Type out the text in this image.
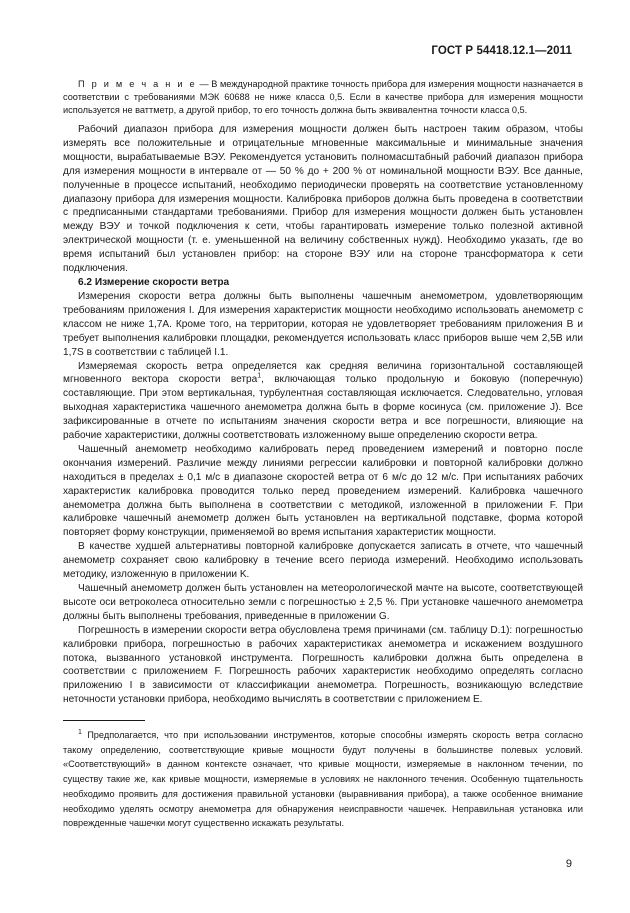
ГОСТ Р 54418.12.1—2011

П р и м е ч а н и е — В международной практике точность прибора для измерения мощности назначается в соответствии с требованиями МЭК 60688 не ниже класса 0,5. Если в качестве прибора для измерения мощности используется не ваттметр, а другой прибор, то его точность должна быть эквивалентна точности класса 0,5.

Рабочий диапазон прибора для измерения мощности должен быть настроен таким образом, чтобы измерять все положительные и отрицательные мгновенные максимальные и минимальные значения мощности, вырабатываемые ВЭУ. Рекомендуется установить полномасштабный рабочий диапазон прибора для измерения мощности в интервале от — 50 % до + 200 % от номинальной мощности ВЭУ. Все данные, полученные в процессе испытаний, необходимо периодически проверять на соответствие установленному диапазону прибора для измерения мощности. Калибровка приборов должна быть проведена в соответствии с предписанными стандартами требованиями. Прибор для измерения мощности должен быть установлен между ВЭУ и точкой подключения к сети, чтобы гарантировать измерение только полезной активной электрической мощности (т. е. уменьшенной на величину собственных нужд). Необходимо указать, где во время испытаний был установлен прибор: на стороне ВЭУ или на стороне трансформатора к сети подключения.

6.2 Измерение скорости ветра

Измерения скорости ветра должны быть выполнены чашечным анемометром, удовлетворяющим требованиям приложения I. Для измерения характеристик мощности необходимо использовать анемометр с классом не ниже 1,7А. Кроме того, на территории, которая не удовлетворяет требованиям приложения В и требует выполнения калибровки площадки, рекомендуется использовать класс приборов выше чем 2,5В или 1,7S в соответствии с таблицей I.1.

Измеряемая скорость ветра определяется как средняя величина горизонтальной составляющей мгновенного вектора скорости ветра$^1$, включающая только продольную и боковую (поперечную) составляющие. При этом вертикальная, турбулентная составляющая исключается. Следовательно, угловая выходная характеристика чашечного анемометра должна быть в форме косинуса (см. приложение J). Все зафиксированные в отчете по испытаниям значения скорости ветра и все погрешности, влияющие на рабочие характеристики, должны соответствовать изложенному выше определению скорости ветра.

Чашечный анемометр необходимо калибровать перед проведением измерений и повторно после окончания измерений. Различие между линиями регрессии калибровки и повторной калибровки должно находиться в пределах ± 0,1 м/с в диапазоне скоростей ветра от 6 м/с до 12 м/с. При испытаниях рабочих характеристик калибровка проводится только перед проведением измерений. Калибровка чашечного анемометра должна быть выполнена в соответствии с методикой, изложенной в приложении F. При калибровке чашечный анемометр должен быть установлен на вертикальной подставке, форма которой повторяет форму конструкции, применяемой во время испытания характеристик мощности.

В качестве худшей альтернативы повторной калибровке допускается записать в отчете, что чашечный анемометр сохраняет свою калибровку в течение всего периода измерений. Необходимо использовать методику, изложенную в приложении K.

Чашечный анемометр должен быть установлен на метеорологической мачте на высоте, соответствующей высоте оси ветроколеса относительно земли с погрешностью ± 2,5 %. При установке чашечного анемометра должны быть выполнены требования, приведенные в приложении G.

Погрешность в измерении скорости ветра обусловлена тремя причинами (см. таблицу D.1): погрешностью калибровки прибора, погрешностью в рабочих характеристиках анемометра и искажением воздушного потока, вызванного установкой инструмента. Погрешность калибровки должна быть определена в соответствии с приложением F. Погрешность рабочих характеристик необходимо определять согласно приложению I в зависимости от классификации анемометра. Погрешность, возникающую вследствие неточности установки прибора, необходимо вычислять в соответствии с приложением E.

$^1$ Предполагается, что при использовании инструментов, которые способны измерять скорость ветра согласно такому определению, соответствующие кривые мощности будут получены в большинстве полевых условий. «Соответствующий» в данном контексте означает, что кривые мощности, измеряемые в наклонном течении, по существу такие же, как кривые мощности, измеряемые в условиях не наклонного течения. Особенную тщательность необходимо проявить для достижения правильной установки (выравнивания прибора), а также особенное внимание необходимо уделять осмотру анемометра для обнаружения неисправности чашечек. Неправильная установка или поврежденные чашечки могут существенно искажать результаты.

9
